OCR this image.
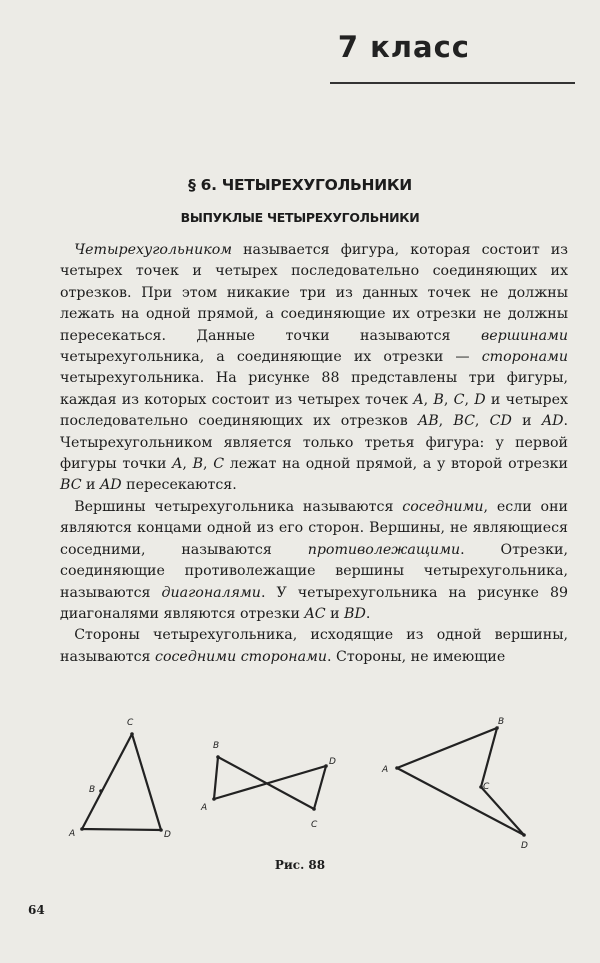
7 класс
§ 6. ЧЕТЫРЕХУГОЛЬНИКИ
ВЫПУКЛЫЕ ЧЕТЫРЕХУГОЛЬНИКИ

 Четырехугольником называется фигура, которая состоит из четырех точек и четырех последовательно соединяющих их отрезков. При этом никакие три из данных точек не должны лежать на одной прямой, а соединяющие их отрезки не должны пересекаться. Данные точки называются вершинами четырехугольника, а соединяющие их отрезки — сторонами четырехугольника. На рисунке 88 представлены три фигуры, каждая из которых состоит из четырех точек A, B, C, D и четырех последовательно соединяющих их отрезков AB, BC, CD и AD. Четырехугольником является только третья фигура: у первой фигуры точки A, B, C лежат на одной прямой, а у второй отрезки BC и AD пересекаются.

 Вершины четырехугольника называются соседними, если они являются концами одной из его сторон. Вершины, не являющиеся соседними, называются противолежащими. Отрезки, соединяющие противолежащие вершины четырехугольника, называются диагоналями. У четырехугольника на рисунке 89 диагоналями являются отрезки AC и BD.

 Стороны четырехугольника, исходящие из одной вершины, называются соседними сторонами. Стороны, не имеющие

C
B
A	D
B
A
C
D
A
B
C
D
Рис. 88
64
